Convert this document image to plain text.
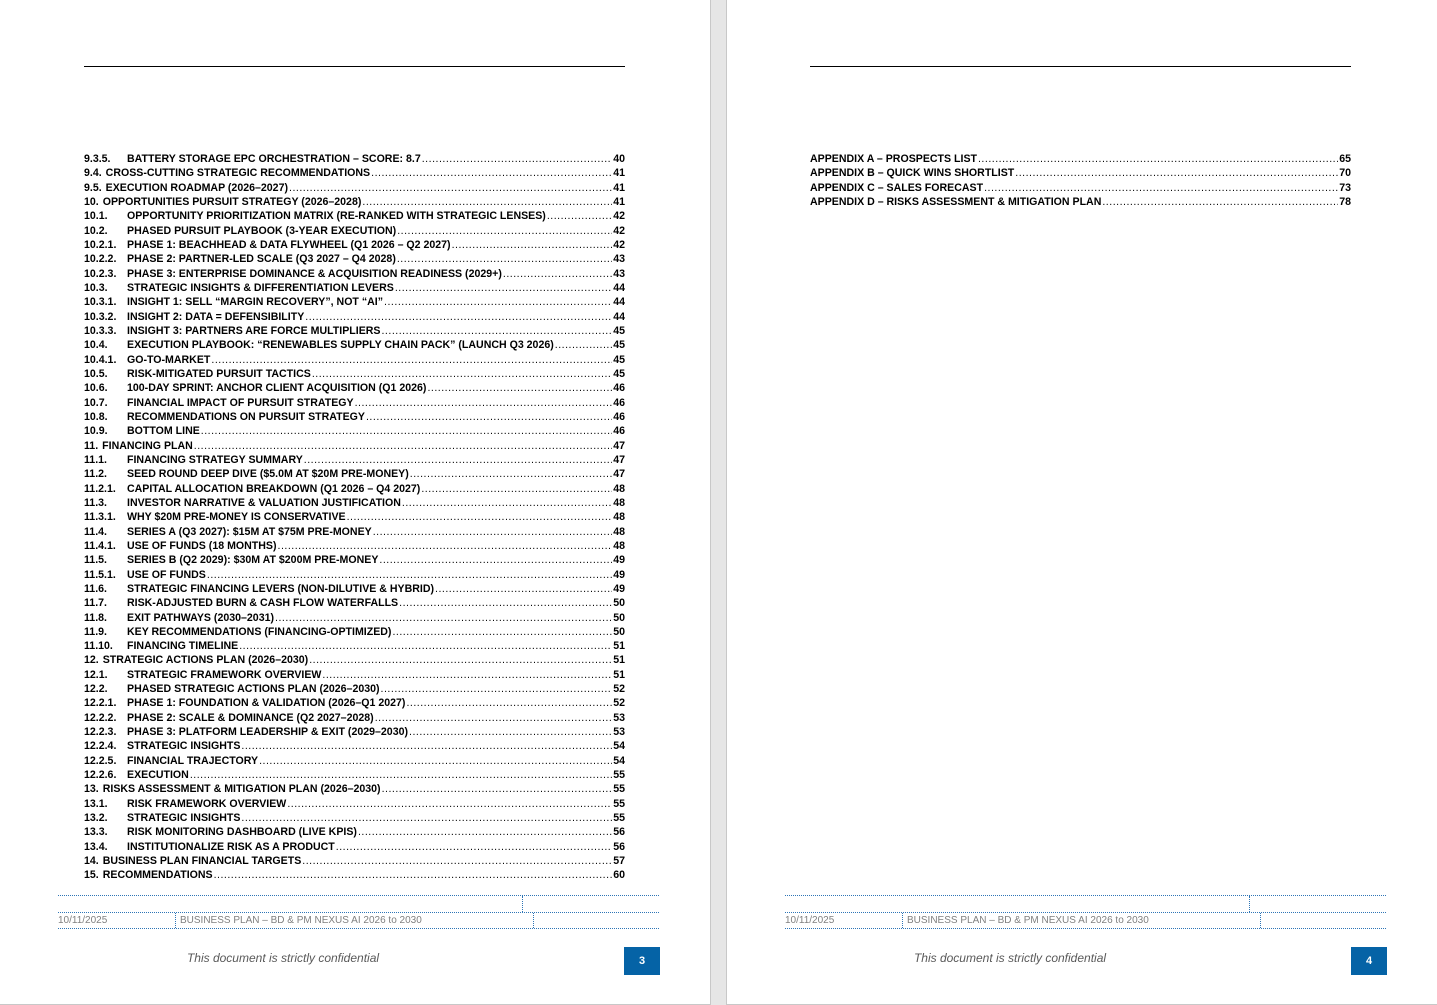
9.3.5.	BATTERY STORAGE EPC ORCHESTRATION – SCORE: 8.7 .....	40
9.4. CROSS-CUTTING STRATEGIC RECOMMENDATIONS .....	41
9.5. EXECUTION ROADMAP (2026–2027) .....	41
10. OPPORTUNITIES PURSUIT STRATEGY (2026–2028) .....	41
10.1.	OPPORTUNITY PRIORITIZATION MATRIX (RE-RANKED WITH STRATEGIC LENSES) .....	42
10.2.	PHASED PURSUIT PLAYBOOK (3-YEAR EXECUTION) .....	42
10.2.1. PHASE 1: BEACHHEAD & DATA FLYWHEEL (Q1 2026 – Q2 2027) .....	42
10.2.2. PHASE 2: PARTNER-LED SCALE (Q3 2027 – Q4 2028) .....	43
10.2.3. PHASE 3: ENTERPRISE DOMINANCE & ACQUISITION READINESS (2029+) .....	43
10.3.	STRATEGIC INSIGHTS & DIFFERENTIATION LEVERS .....	44
10.3.1. INSIGHT 1: SELL “MARGIN RECOVERY”, NOT “AI” .....	44
10.3.2. INSIGHT 2: DATA = DEFENSIBILITY .....	44
10.3.3. INSIGHT 3: PARTNERS ARE FORCE MULTIPLIERS .....	45
10.4.	EXECUTION PLAYBOOK: “RENEWABLES SUPPLY CHAIN PACK” (LAUNCH Q3 2026) .....	45
10.4.1. GO-TO-MARKET .....	45
10.5.	RISK-MITIGATED PURSUIT TACTICS .....	45
10.6.	100-DAY SPRINT: ANCHOR CLIENT ACQUISITION (Q1 2026) .....	46
10.7.	FINANCIAL IMPACT OF PURSUIT STRATEGY .....	46
10.8.	RECOMMENDATIONS ON PURSUIT STRATEGY .....	46
10.9.	BOTTOM LINE .....	46
11. FINANCING PLAN .....	47
11.1.	FINANCING STRATEGY SUMMARY .....	47
11.2.	SEED ROUND DEEP DIVE ($5.0M AT $20M PRE-MONEY) .....	47
11.2.1.	CAPITAL ALLOCATION BREAKDOWN (Q1 2026 – Q4 2027) .....	48
11.3.	INVESTOR NARRATIVE & VALUATION JUSTIFICATION .....	48
11.3.1.	WHY $20M PRE-MONEY IS CONSERVATIVE .....	48
11.4.	SERIES A (Q3 2027): $15M AT $75M PRE-MONEY .....	48
11.4.1.	USE OF FUNDS (18 MONTHS) .....	48
11.5.	SERIES B (Q2 2029): $30M AT $200M PRE-MONEY .....	49
11.5.1.	USE OF FUNDS .....	49
11.6.	STRATEGIC FINANCING LEVERS (NON-DILUTIVE & HYBRID) .....	49
11.7.	RISK-ADJUSTED BURN & CASH FLOW WATERFALLS .....	50
11.8.	EXIT PATHWAYS (2030–2031) .....	50
11.9.	KEY RECOMMENDATIONS (FINANCING-OPTIMIZED) .....	50
11.10.	FINANCING TIMELINE .....	51
12. STRATEGIC ACTIONS PLAN (2026–2030) .....	51
12.1.	STRATEGIC FRAMEWORK OVERVIEW .....	51
12.2.	PHASED STRATEGIC ACTIONS PLAN (2026–2030) .....	52
12.2.1. PHASE 1: FOUNDATION & VALIDATION (2026–Q1 2027) .....	52
12.2.2. PHASE 2: SCALE & DOMINANCE (Q2 2027–2028) .....	53
12.2.3. PHASE 3: PLATFORM LEADERSHIP & EXIT (2029–2030) .....	53
12.2.4. STRATEGIC INSIGHTS .....	54
12.2.5. FINANCIAL TRAJECTORY .....	54
12.2.6. EXECUTION .....	55
13. RISKS ASSESSMENT & MITIGATION PLAN (2026–2030) .....	55
13.1.	RISK FRAMEWORK OVERVIEW .....	55
13.2.	STRATEGIC INSIGHTS .....	55
13.3.	RISK MONITORING DASHBOARD (LIVE KPIS) .....	56
13.4.	INSTITUTIONALIZE RISK AS A PRODUCT .....	56
14. BUSINESS PLAN FINANCIAL TARGETS .....	57
15. RECOMMENDATIONS .....	60
10/11/2025	BUSINESS PLAN – BD & PM NEXUS AI 2026 to 2030
This document is strictly confidential	3
APPENDIX A – PROSPECTS LIST .....	65
APPENDIX B – QUICK WINS SHORTLIST .....	70
APPENDIX C – SALES FORECAST .....	73
APPENDIX D – RISKS ASSESSMENT & MITIGATION PLAN .....	78
10/11/2025	BUSINESS PLAN – BD & PM NEXUS AI 2026 to 2030
This document is strictly confidential	4
